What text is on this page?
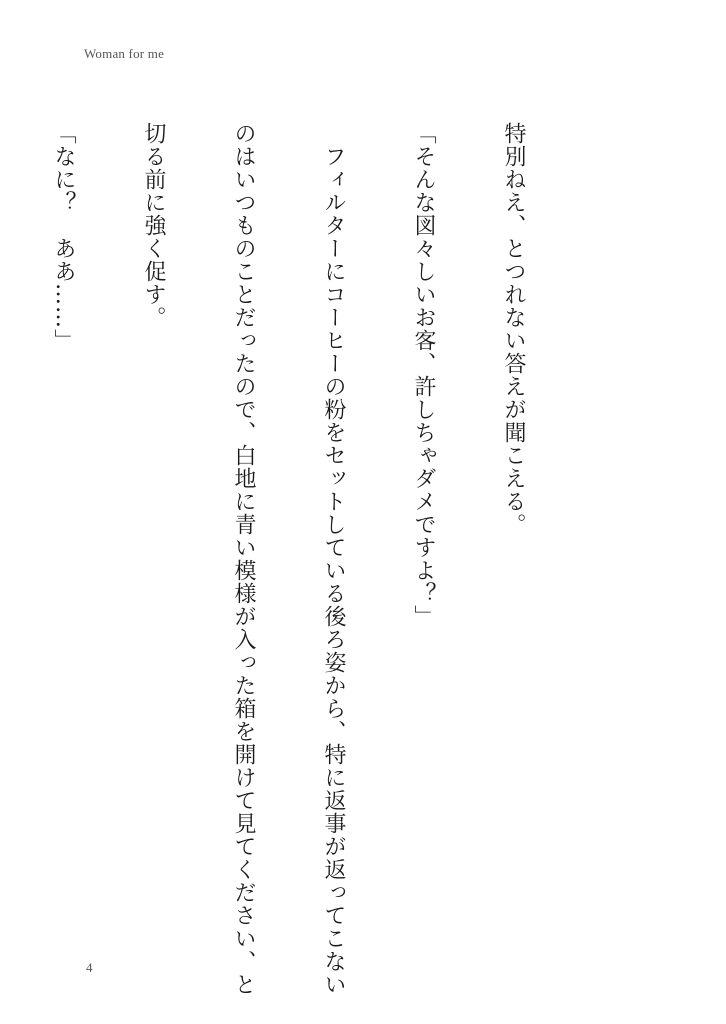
Woman for me

特別ねえ、とつれない答えが聞こえる。

「そんな図々しいお客、許しちゃダメですよ？」

　フィルターにコーヒーの粉をセットしている後ろ姿から、特に返事が返ってこない

のはいつものことだったので、白地に青い模様が入った箱を開けて見てください、と

切る前に強く促す。

「なに？　ああ……」

4
